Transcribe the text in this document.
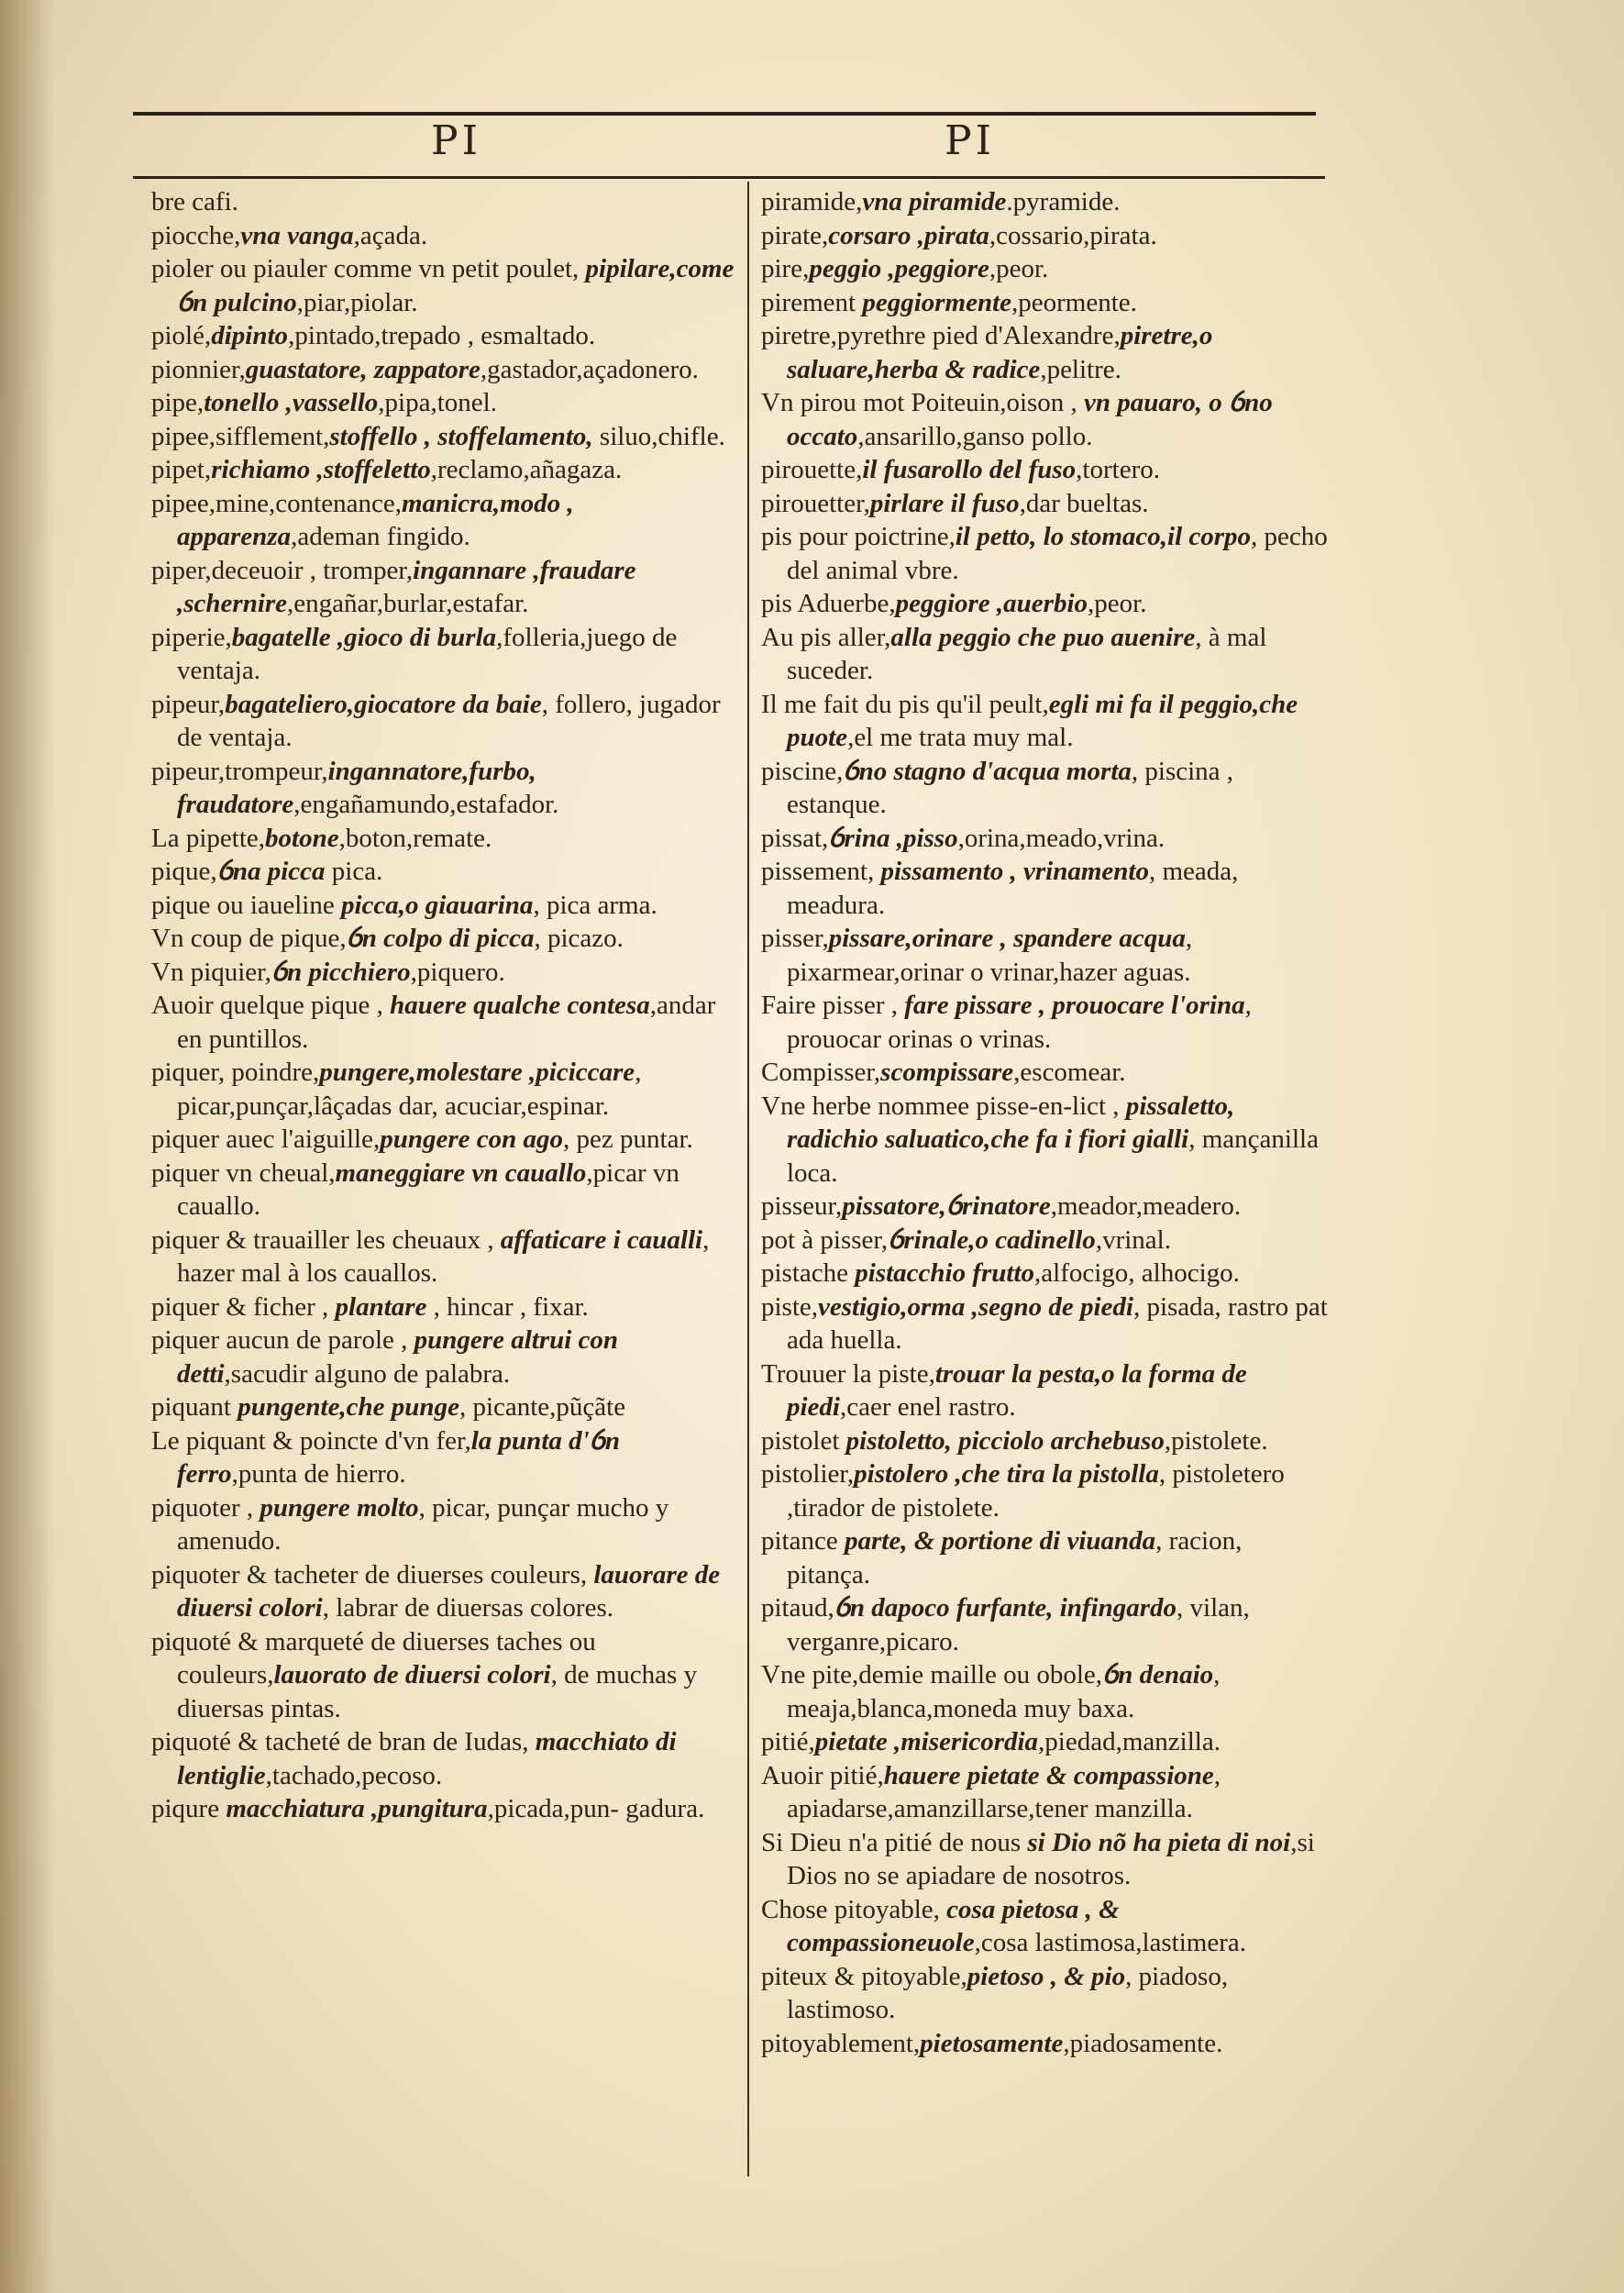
PI	PI

bre cafi.

piocche,vna vanga,açada.

pioler ou piauler comme vn petit poulet, pipilare,come ỽn pulcino,piar,piolar.

piolé,dipinto,pintado,trepado , esmaltado.

pionnier,guastatore, zappatore,gastador,açadonero.

pipe,tonello ,vassello,pipa,tonel.

pipee,sifflement,stoffello , stoffelamento, siluo,chifle.

pipet,richiamo ,stoffeletto,reclamo,añagaza.

pipee,mine,contenance,manicra,modo , apparenza,ademan fingido.

piper,deceuoir , tromper,ingannare ,fraudare ,schernire,engañar,burlar,estafar.

piperie,bagatelle ,gioco di burla,folleria,juego de ventaja.

pipeur,bagateliero,giocatore da baie, follero, jugador de ventaja.

pipeur,trompeur,ingannatore,furbo, fraudatore,engañamundo,estafador.

La pipette,botone,boton,remate.

pique,ỽna picca pica.

pique ou iaueline picca,o giauarina, pica arma.

Vn coup de pique,ỽn colpo di picca, picazo.

Vn piquier,ỽn picchiero,piquero.

Auoir quelque pique , hauere qualche contesa,andar en puntillos.

piquer, poindre,pungere,molestare ,piciccare, picar,punçar,lâçadas dar, acuciar,espinar.

piquer auec l'aiguille,pungere con ago, pez puntar.

piquer vn cheual,maneggiare vn cauallo,picar vn cauallo.

piquer & trauailler les cheuaux , affaticare i caualli, hazer mal à los cauallos.

piquer & ficher , plantare , hincar , fixar.

piquer aucun de parole , pungere altrui con detti,sacudir alguno de palabra.

piquant pungente,che punge, picante,pũçãte

Le piquant & poincte d'vn fer,la punta d'ỽn ferro,punta de hierro.

piquoter , pungere molto, picar, punçar mucho y amenudo.

piquoter & tacheter de diuerses couleurs, lauorare de diuersi colori, labrar de diuersas colores.

piquoté & marqueté de diuerses taches ou couleurs,lauorato de diuersi colori, de muchas y diuersas pintas.

piquoté & tacheté de bran de Iudas, macchiato di lentiglie,tachado,pecoso.

piqure macchiatura ,pungitura,picada,pun- gadura.

piramide,vna piramide.pyramide.

pirate,corsaro ,pirata,cossario,pirata.

pire,peggio ,peggiore,peor.

pirement peggiormente,peormente.

piretre,pyrethre pied d'Alexandre,piretre,o saluare,herba & radice,pelitre.

Vn pirou mot Poiteuin,oison , vn pauaro, o ỽno occato,ansarillo,ganso pollo.

pirouette,il fusarollo del fuso,tortero.

pirouetter,pirlare il fuso,dar bueltas.

pis pour poictrine,il petto, lo stomaco,il corpo, pecho del animal vbre.

pis Aduerbe,peggiore ,auerbio,peor.

Au pis aller,alla peggio che puo auenire, à mal suceder.

Il me fait du pis qu'il peult,egli mi fa il peggio,che puote,el me trata muy mal.

piscine,ỽno stagno d'acqua morta, piscina , estanque.

pissat,ỽrina ,pisso,orina,meado,vrina.

pissement, pissamento , vrinamento, meada, meadura.

pisser,pissare,orinare , spandere acqua, pixarmear,orinar o vrinar,hazer aguas.

Faire pisser , fare pissare , prouocare l'orina, prouocar orinas o vrinas.

Compisser,scompissare,escomear.

Vne herbe nommee pisse-en-lict , pissaletto, radichio saluatico,che fa i fiori gialli, mançanilla loca.

pisseur,pissatore,ỽrinatore,meador,meadero.

pot à pisser,ỽrinale,o cadinello,vrinal.

pistache pistacchio frutto,alfocigo, alhocigo.

piste,vestigio,orma ,segno de piedi, pisada, rastro pat ada huella.

Trouuer la piste,trouar la pesta,o la forma de piedi,caer enel rastro.

pistolet pistoletto, picciolo archebuso,pistolete.

pistolier,pistolero ,che tira la pistolla, pistoletero ,tirador de pistolete.

pitance parte, & portione di viuanda, racion, pitança.

pitaud,ỽn dapoco furfante, infingardo, vilan, verganre,picaro.

Vne pite,demie maille ou obole,ỽn denaio, meaja,blanca,moneda muy baxa.

pitié,pietate ,misericordia,piedad,manzilla.

Auoir pitié,hauere pietate & compassione, apiadarse,amanzillarse,tener manzilla.

Si Dieu n'a pitié de nous si Dio nõ ha pieta di noi,si Dios no se apiadare de nosotros.

Chose pitoyable, cosa pietosa , & compassioneuole,cosa lastimosa,lastimera.

piteux & pitoyable,pietoso , & pio, piadoso, lastimoso.

pitoyablement,pietosamente,piadosamente.
